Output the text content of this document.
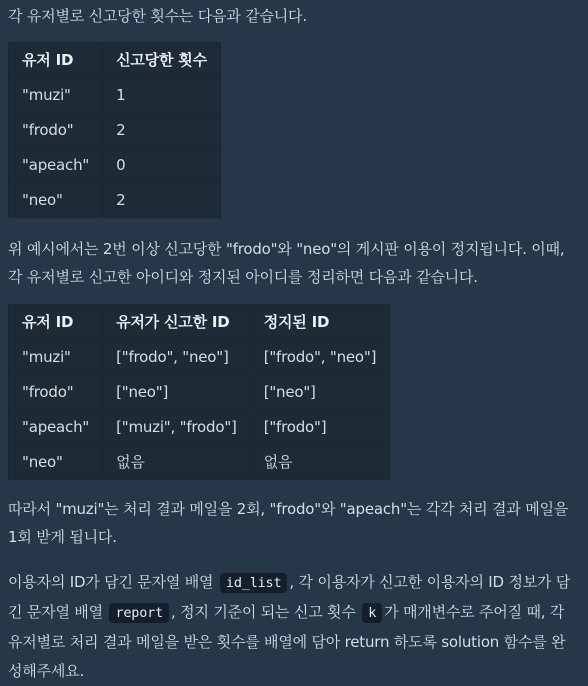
각 유저별로 신고당한 횟수는 다음과 같습니다.

유저 ID	신고당한 횟수
"muzi"	1
"frodo"	2
"apeach"	0
"neo"	2

위 예시에서는 2번 이상 신고당한 "frodo"와 "neo"의 게시판 이용이 정지됩니다. 이때,
각 유저별로 신고한 아이디와 정지된 아이디를 정리하면 다음과 같습니다.

유저 ID	유저가 신고한 ID	정지된 ID
"muzi"	["frodo", "neo"]	["frodo", "neo"]
"frodo"	["neo"]	["neo"]
"apeach"	["muzi", "frodo"]	["frodo"]
"neo"	없음	없음

따라서 "muzi"는 처리 결과 메일을 2회, "frodo"와 "apeach"는 각각 처리 결과 메일을
1회 받게 됩니다.

이용자의 ID가 담긴 문자열 배열 id_list , 각 이용자가 신고한 이용자의 ID 정보가 담
긴 문자열 배열 report , 정지 기준이 되는 신고 횟수 k 가 매개변수로 주어질 때, 각
유저별로 처리 결과 메일을 받은 횟수를 배열에 담아 return 하도록 solution 함수를 완
성해주세요.
